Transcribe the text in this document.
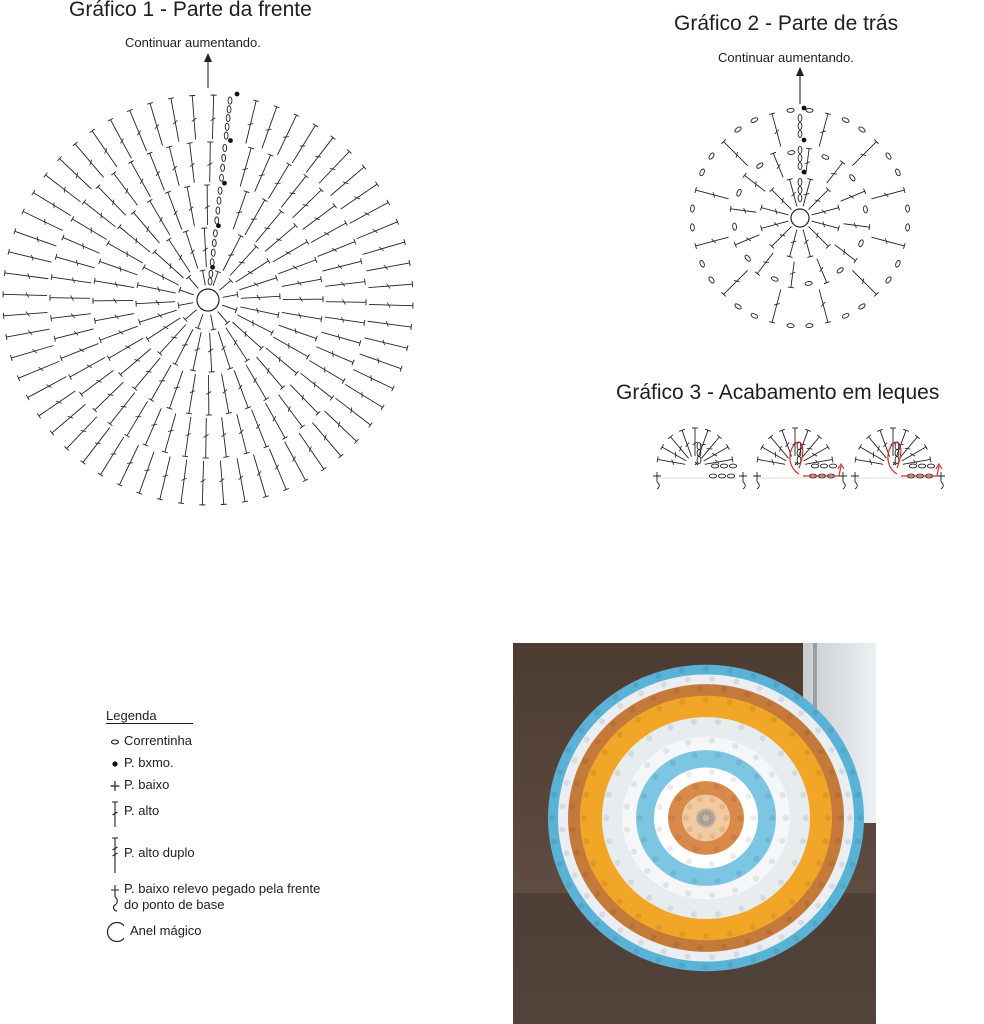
Gráfico 1 - Parte da frente
Continuar aumentando.
Gráfico 2 - Parte de trás
Continuar aumentando.
Gráfico 3 - Acabamento em leques
Legenda
Correntinha
P. bxmo.
P. baixo
P. alto
P. alto duplo
P. baixo relevo pegado pela frente do ponto de base
Anel mágico
